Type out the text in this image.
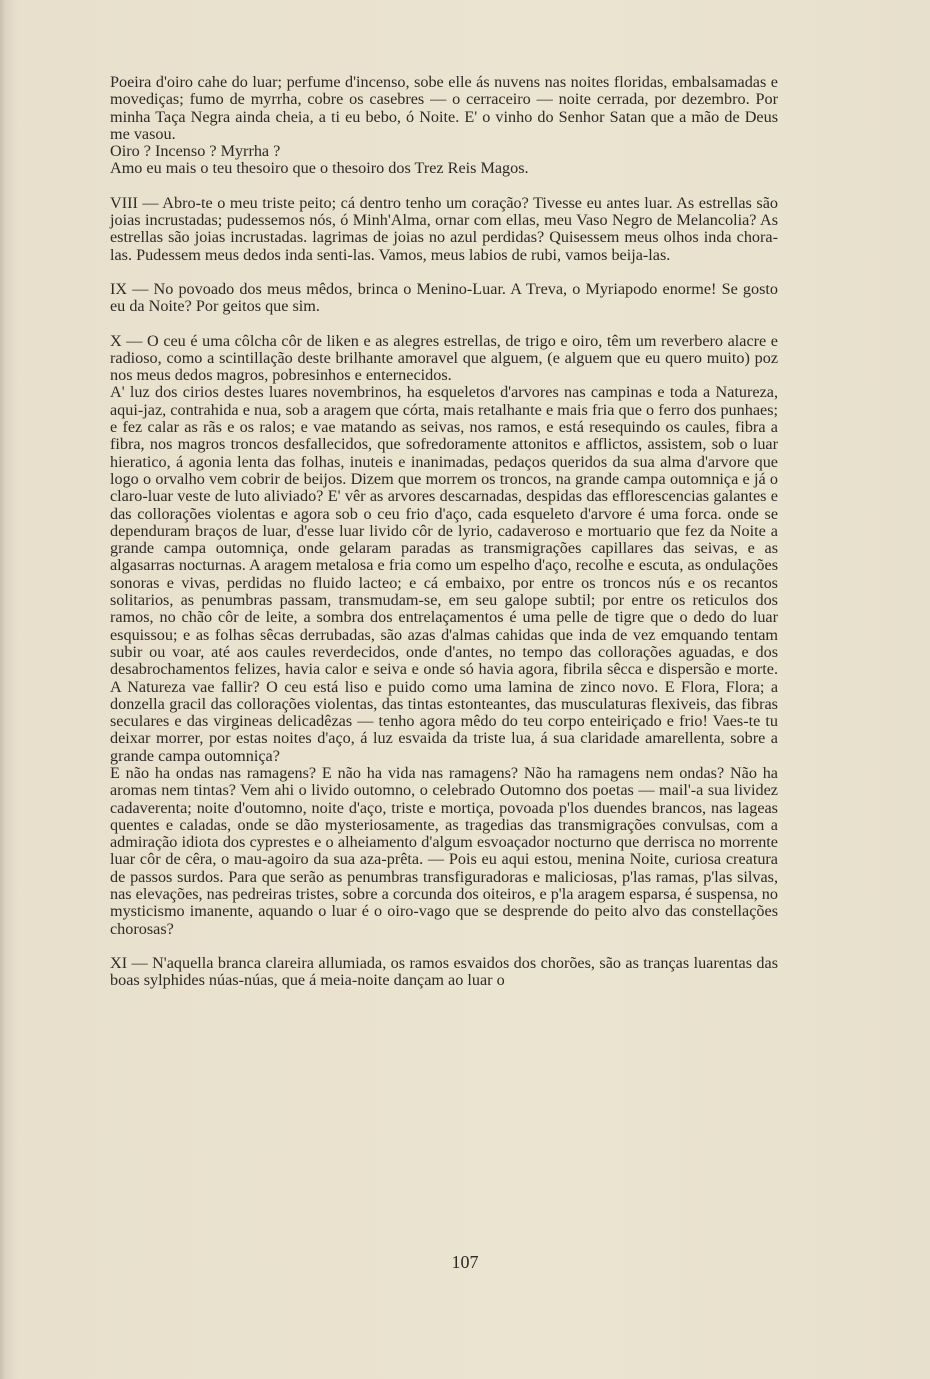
Poeira d'oiro cahe do luar; perfume d'incenso, sobe elle ás nuvens nas noites floridas, embalsamadas e movediças; fumo de myrrha, cobre os casebres — o cerraceiro — noite cerrada, por dezembro. Por minha Taça Negra ainda cheia, a ti eu bebo, ó Noite. E' o vinho do Senhor Satan que a mão de Deus me vasou.

Oiro ? Incenso ? Myrrha ?

Amo eu mais o teu thesoiro que o thesoiro dos Trez Reis Magos.

VIII — Abro-te o meu triste peito; cá dentro tenho um coração? Tivesse eu antes luar. As estrellas são joias incrustadas; pudessemos nós, ó Minh'Alma, ornar com ellas, meu Vaso Negro de Melancolia? As estrellas são joias incrustadas. lagrimas de joias no azul perdidas? Quisessem meus olhos inda chora-las. Pudessem meus dedos inda senti-las. Vamos, meus labios de rubi, vamos beija-las.

IX — No povoado dos meus mêdos, brinca o Menino-Luar. A Treva, o Myriapodo enorme! Se gosto eu da Noite? Por geitos que sim.

X — O ceu é uma côlcha côr de liken e as alegres estrellas, de trigo e oiro, têm um reverbero alacre e radioso, como a scintillação deste brilhante amoravel que alguem, (e alguem que eu quero muito) poz nos meus dedos magros, pobresinhos e enternecidos.

A' luz dos cirios destes luares novembrinos, ha esqueletos d'arvores nas campinas e toda a Natureza, aqui-jaz, contrahida e nua, sob a aragem que córta, mais retalhante e mais fria que o ferro dos punhaes; e fez calar as rãs e os ralos; e vae matando as seivas, nos ramos, e está resequindo os caules, fibra a fibra, nos magros troncos desfallecidos, que sofredoramente attonitos e afflictos, assistem, sob o luar hieratico, á agonia lenta das folhas, inuteis e inanimadas, pedaços queridos da sua alma d'arvore que logo o orvalho vem cobrir de beijos. Dizem que morrem os troncos, na grande campa outomniça e já o claro-luar veste de luto aliviado? E' vêr as arvores descarnadas, despidas das efflorescencias galantes e das collorações violentas e agora sob o ceu frio d'aço, cada esqueleto d'arvore é uma forca. onde se dependuram braços de luar, d'esse luar livido côr de lyrio, cadaveroso e mortuario que fez da Noite a grande campa outomniça, onde gelaram paradas as transmigrações capillares das seivas, e as algasarras nocturnas. A aragem metalosa e fria como um espelho d'aço, recolhe e escuta, as ondulações sonoras e vivas, perdidas no fluido lacteo; e cá embaixo, por entre os troncos nús e os recantos solitarios, as penumbras passam, transmudam-se, em seu galope subtil; por entre os reticulos dos ramos, no chão côr de leite, a sombra dos entrelaçamentos é uma pelle de tigre que o dedo do luar esquissou; e as folhas sêcas derrubadas, são azas d'almas cahidas que inda de vez emquando tentam subir ou voar, até aos caules reverdecidos, onde d'antes, no tempo das collorações aguadas, e dos desabrochamentos felizes, havia calor e seiva e onde só havia agora, fibrila sêcca e dispersão e morte. A Natureza vae fallir? O ceu está liso e puido como uma lamina de zinco novo. E Flora, Flora; a donzella gracil das collorações violentas, das tintas estonteantes, das musculaturas flexiveis, das fibras seculares e das virgineas delicadêzas — tenho agora mêdo do teu corpo enteiriçado e frio! Vaes-te tu deixar morrer, por estas noites d'aço, á luz esvaida da triste lua, á sua claridade amarellenta, sobre a grande campa outomniça?

E não ha ondas nas ramagens? E não ha vida nas ramagens? Não ha ramagens nem ondas? Não ha aromas nem tintas? Vem ahi o livido outomno, o celebrado Outomno dos poetas — mail'-a sua lividez cadaverenta; noite d'outomno, noite d'aço, triste e mortiça, povoada p'los duendes brancos, nas lageas quentes e caladas, onde se dão mysteriosamente, as tragedias das transmigrações convulsas, com a admiração idiota dos cyprestes e o alheiamento d'algum esvoaçador nocturno que derrisca no morrente luar côr de cêra, o mau-agoiro da sua aza-prêta. — Pois eu aqui estou, menina Noite, curiosa creatura de passos surdos. Para que serão as penumbras transfiguradoras e maliciosas, p'las ramas, p'las silvas, nas elevações, nas pedreiras tristes, sobre a corcunda dos oiteiros, e p'la aragem esparsa, é suspensa, no mysticismo imanente, aquando o luar é o oiro-vago que se desprende do peito alvo das constellações chorosas?

XI — N'aquella branca clareira allumiada, os ramos esvaidos dos chorões, são as tranças luarentas das boas sylphides núas-núas, que á meia-noite dançam ao luar o

107
